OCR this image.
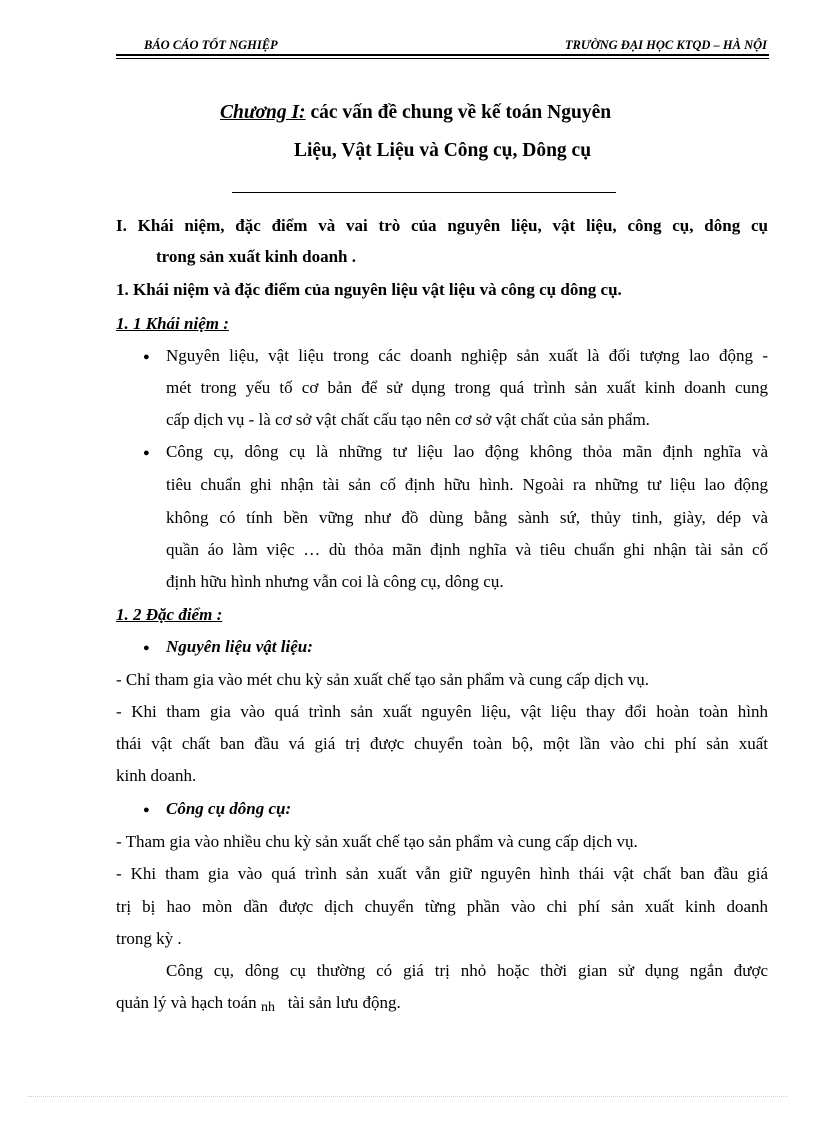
BÁO CÁO TỐT NGHIỆP	TRƯỜNG ĐẠI HỌC KTQD – HÀ NỘI
Chương I: các vấn đề chung về kế toán Nguyên
Liệu, Vật Liệu và Công cụ, Dông cụ
I. Khái niệm, đặc điểm và vai trò của nguyên liệu, vật liệu, công cụ, dông cụ
trong sản xuất kinh doanh .
1. Khái niệm và đặc điểm của nguyên liệu vật liệu và công cụ dông cụ.
1. 1 Khái niệm :
● Nguyên liệu, vật liệu trong các doanh nghiệp sản xuất là đối tượng lao động -
mét trong yếu tố cơ bản để sử dụng trong quá trình sản xuất kinh doanh cung
cấp dịch vụ - là cơ sở vật chất cấu tạo nên cơ sở vật chất của sản phẩm.
● Công cụ, dông cụ là những tư liệu lao động không thỏa mãn định nghĩa và
tiêu chuẩn ghi nhận tài sản cố định hữu hình. Ngoài ra những tư liệu lao động
không có tính bền vững như đồ dùng bằng sành sứ, thủy tinh, giày, dép và
quần áo làm việc … dù thỏa mãn định nghĩa và tiêu chuẩn ghi nhận tài sản cố
định hữu hình nhưng vẫn coi là công cụ, dông cụ.
1. 2 Đặc điểm :
● Nguyên liệu vật liệu:
- Chỉ tham gia vào mét chu kỳ sản xuất chế tạo sản phẩm và cung cấp dịch vụ.
- Khi tham gia vào quá trình sản xuất nguyên liệu, vật liệu thay đổi hoàn toàn hình
thái vật chất ban đầu vá giá trị được chuyển toàn bộ, một lần vào chi phí sản xuất
kinh doanh.
● Công cụ dông cụ:
- Tham gia vào nhiều chu kỳ sản xuất chế tạo sản phẩm và cung cấp dịch vụ.
- Khi tham gia vào quá trình sản xuất vẫn giữ nguyên hình thái vật chất ban đầu giá
trị bị hao mòn dần được dịch chuyển từng phần vào chi phí sản xuất kinh doanh
trong kỳ .
Công cụ, dông cụ thường có giá trị nhỏ hoặc thời gian sử dụng ngắn được
quản lý và hạch toán $_{nh}$   tài sản lưu động.
